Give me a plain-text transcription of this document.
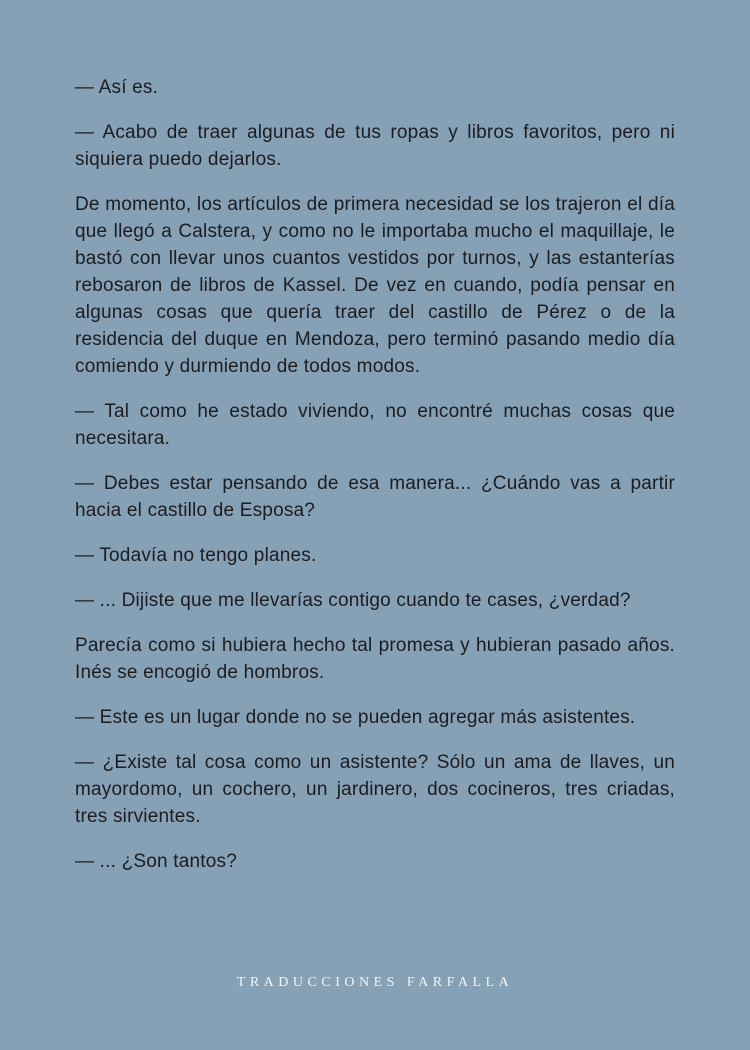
— Así es.

— Acabo de traer algunas de tus ropas y libros favoritos, pero ni siquiera puedo dejarlos.

De momento, los artículos de primera necesidad se los trajeron el día que llegó a Calstera, y como no le importaba mucho el maquillaje, le bastó con llevar unos cuantos vestidos por turnos, y las estanterías rebosaron de libros de Kassel. De vez en cuando, podía pensar en algunas cosas que quería traer del castillo de Pérez o de la residencia del duque en Mendoza, pero terminó pasando medio día comiendo y durmiendo de todos modos.

— Tal como he estado viviendo, no encontré muchas cosas que necesitara.

— Debes estar pensando de esa manera... ¿Cuándo vas a partir hacia el castillo de Esposa?

— Todavía no tengo planes.

— ... Dijiste que me llevarías contigo cuando te cases, ¿verdad?

Parecía como si hubiera hecho tal promesa y hubieran pasado años. Inés se encogió de hombros.

— Este es un lugar donde no se pueden agregar más asistentes.

— ¿Existe tal cosa como un asistente? Sólo un ama de llaves, un mayordomo, un cochero, un jardinero, dos cocineros, tres criadas, tres sirvientes.

— ... ¿Son tantos?

TRADUCCIONES FARFALLA
